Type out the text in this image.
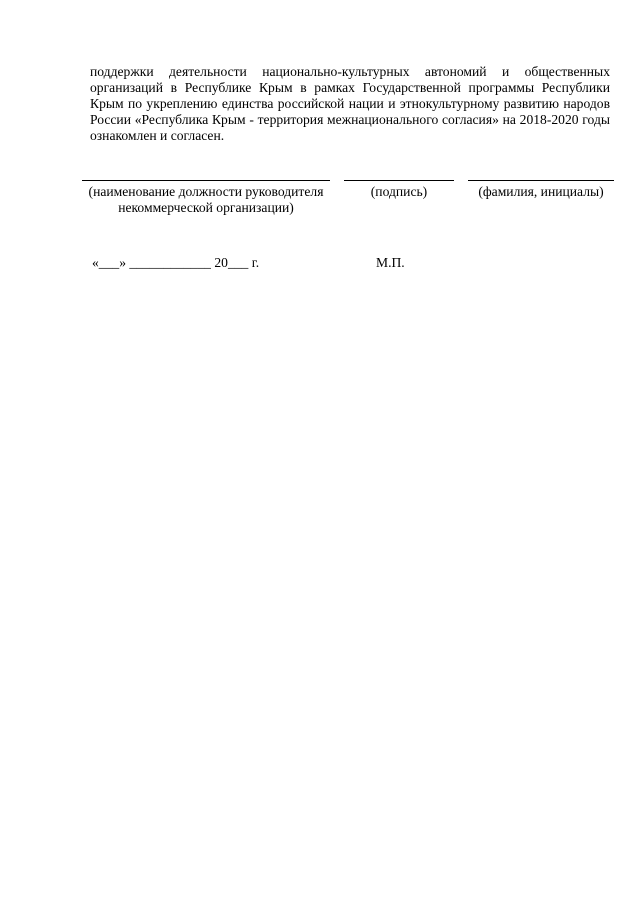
поддержки деятельности национально-культурных автономий и общественных организаций в Республике Крым в рамках Государственной программы Республики Крым по укреплению единства российской нации и этнокультурному развитию народов России «Республика Крым - территория межнационального согласия» на 2018-2020 годы ознакомлен и согласен.

(наименование должности руководителя некоммерческой организации)

(подпись)	(фамилия, инициалы)

«___» ____________ 20___ г.	М.П.
